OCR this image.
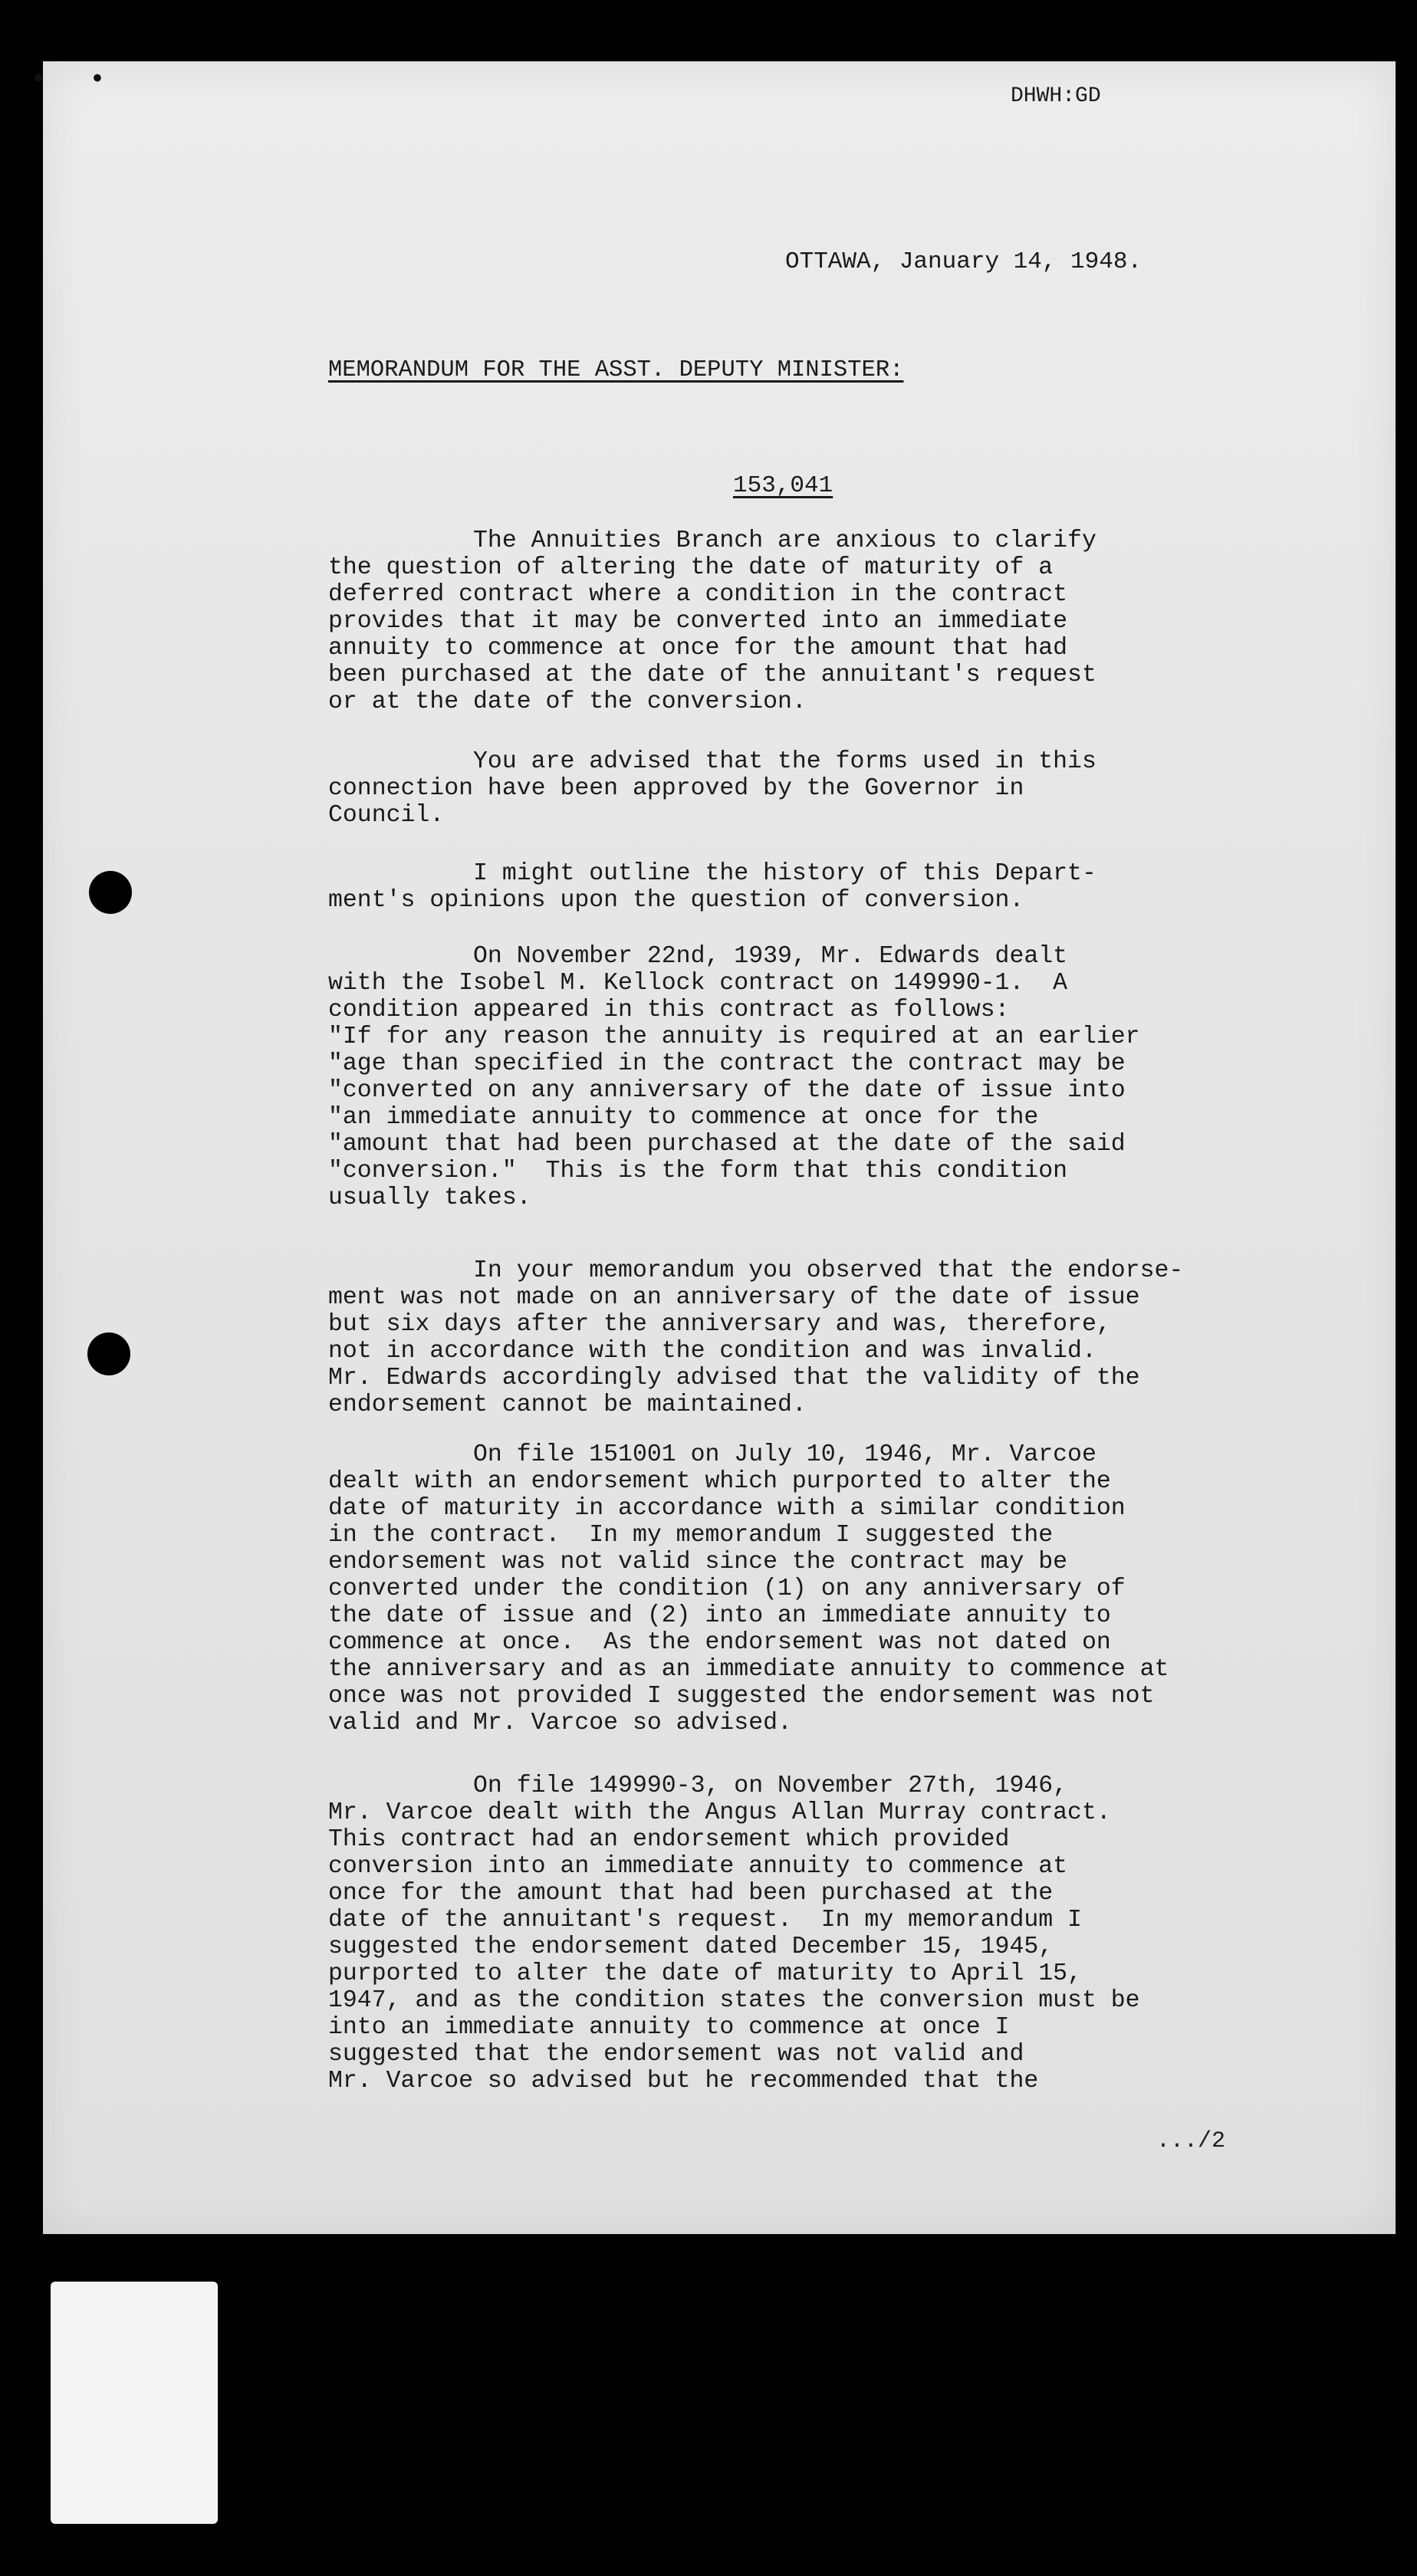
• •

DHWH:GD

OTTAWA, January 14, 1948.

MEMORANDUM FOR THE ASST. DEPUTY MINISTER:

153,041

The Annuities Branch are anxious to clarify
the question of altering the date of maturity of a
deferred contract where a condition in the contract
provides that it may be converted into an immediate
annuity to commence at once for the amount that had
been purchased at the date of the annuitant's request
or at the date of the conversion.

You are advised that the forms used in this
connection have been approved by the Governor in
Council.

I might outline the history of this Depart-
ment's opinions upon the question of conversion.

On November 22nd, 1939, Mr. Edwards dealt
with the Isobel M. Kellock contract on 149990-1.  A
condition appeared in this contract as follows:
"If for any reason the annuity is required at an earlier
"age than specified in the contract the contract may be
"converted on any anniversary of the date of issue into
"an immediate annuity to commence at once for the
"amount that had been purchased at the date of the said
"conversion."  This is the form that this condition
usually takes.

In your memorandum you observed that the endorse-
ment was not made on an anniversary of the date of issue
but six days after the anniversary and was, therefore,
not in accordance with the condition and was invalid.
Mr. Edwards accordingly advised that the validity of the
endorsement cannot be maintained.

On file 151001 on July 10, 1946, Mr. Varcoe
dealt with an endorsement which purported to alter the
date of maturity in accordance with a similar condition
in the contract.  In my memorandum I suggested the
endorsement was not valid since the contract may be
converted under the condition (1) on any anniversary of
the date of issue and (2) into an immediate annuity to
commence at once.  As the endorsement was not dated on
the anniversary and as an immediate annuity to commence at
once was not provided I suggested the endorsement was not
valid and Mr. Varcoe so advised.

On file 149990-3, on November 27th, 1946,
Mr. Varcoe dealt with the Angus Allan Murray contract.
This contract had an endorsement which provided
conversion into an immediate annuity to commence at
once for the amount that had been purchased at the
date of the annuitant's request.  In my memorandum I
suggested the endorsement dated December 15, 1945,
purported to alter the date of maturity to April 15,
1947, and as the condition states the conversion must be
into an immediate annuity to commence at once I
suggested that the endorsement was not valid and
Mr. Varcoe so advised but he recommended that the

.../2
